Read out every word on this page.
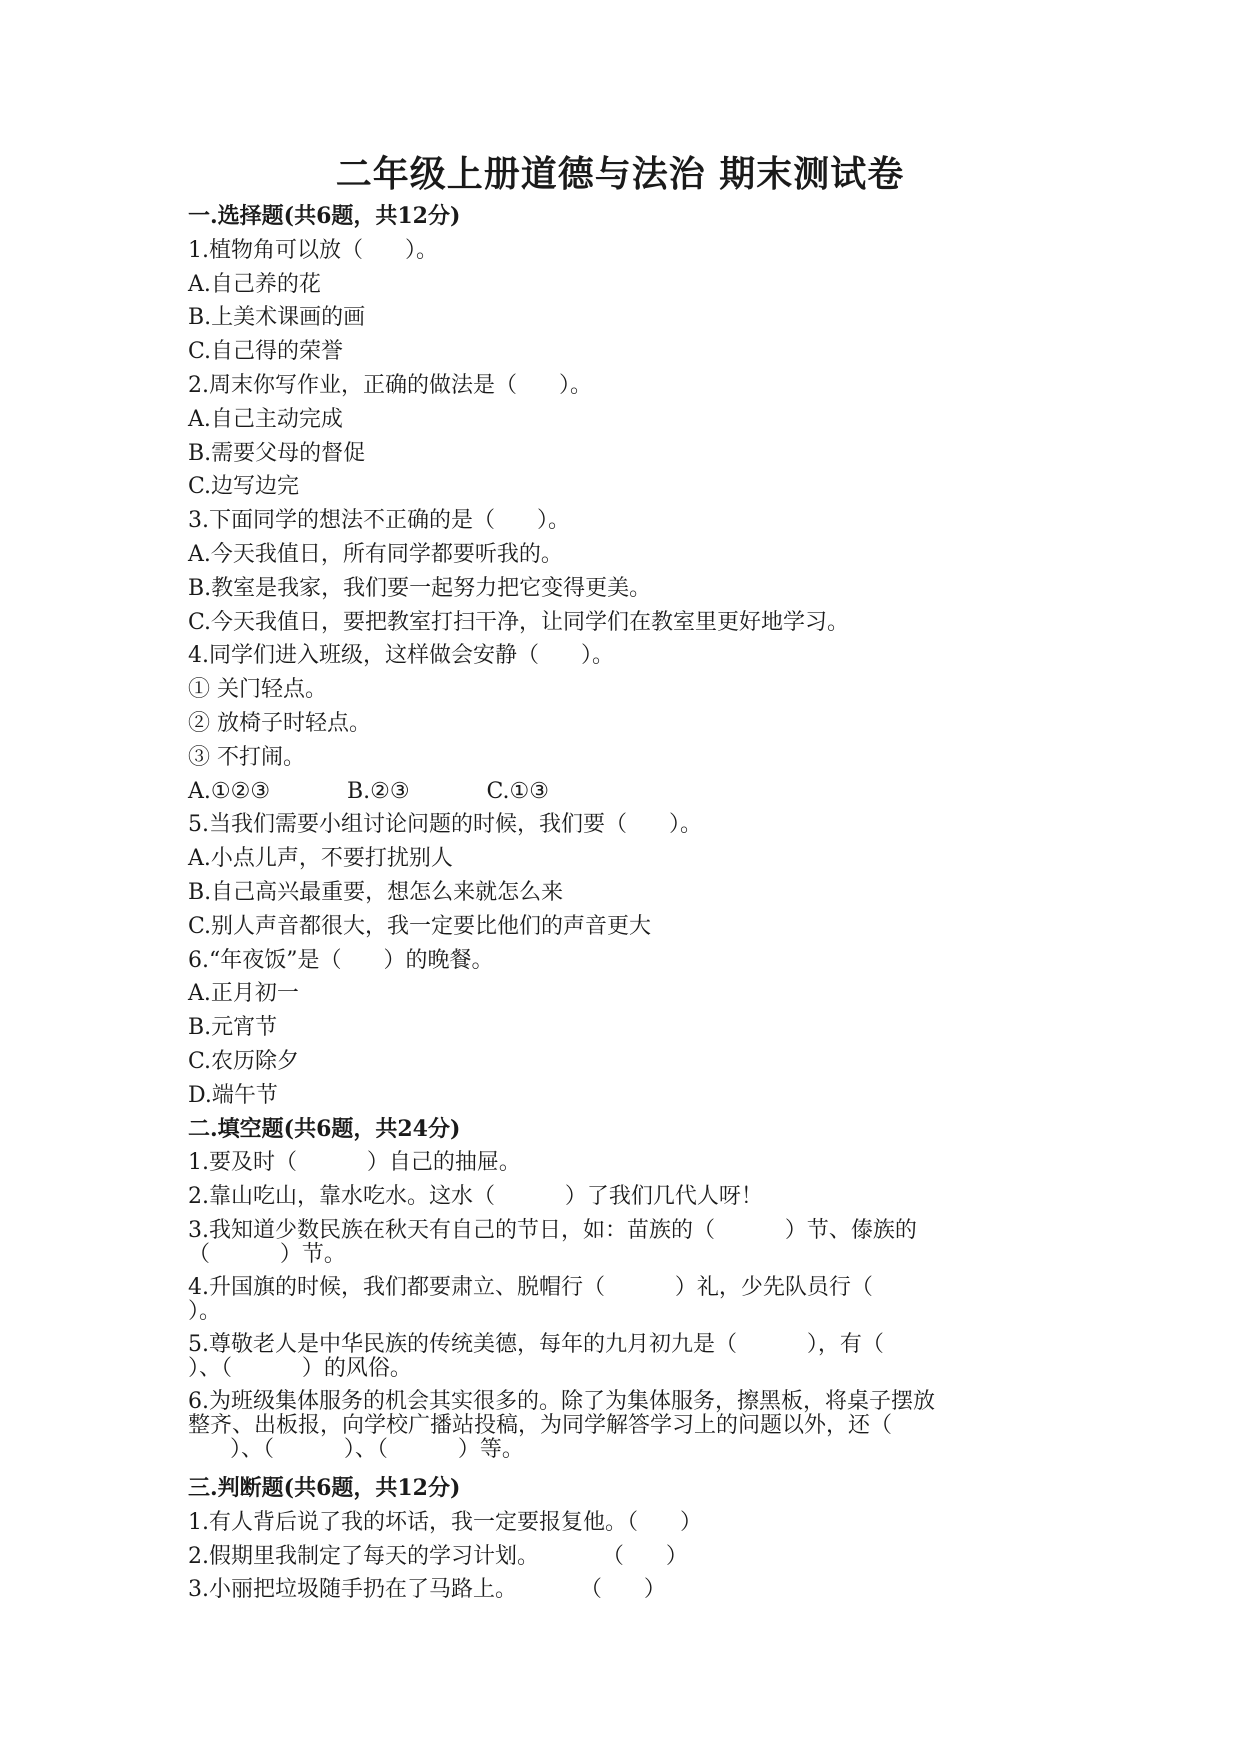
二年级上册道德与法治 期末测试卷
一.选择题(共6题，共12分)
1.植物角可以放（      ）。
A.自己养的花
B.上美术课画的画
C.自己得的荣誉
2.周末你写作业，正确的做法是（      ）。
A.自己主动完成
B.需要父母的督促
C.边写边完
3.下面同学的想法不正确的是（      ）。
A.今天我值日，所有同学都要听我的。
B.教室是我家，我们要一起努力把它变得更美。
C.今天我值日，要把教室打扫干净，让同学们在教室里更好地学习。
4.同学们进入班级，这样做会安静（      ）。
① 关门轻点。
② 放椅子时轻点。
③ 不打闹。
A.①②③           B.②③           C.①③
5.当我们需要小组讨论问题的时候，我们要（      ）。
A.小点儿声，不要打扰别人
B.自己高兴最重要，想怎么来就怎么来
C.别人声音都很大，我一定要比他们的声音更大
6.“年夜饭”是（      ）的晚餐。
A.正月初一
B.元宵节
C.农历除夕
D.端午节
二.填空题(共6题，共24分)
1.要及时（          ）自己的抽屉。
2.靠山吃山，靠水吃水。这水（          ）了我们几代人呀！
3.我知道少数民族在秋天有自己的节日，如：苗族的（          ）节、傣族的
（          ）节。
4.升国旗的时候，我们都要肃立、脱帽行（          ）礼，少先队员行（
）。
5.尊敬老人是中华民族的传统美德，每年的九月初九是（          ），有（
）、（          ）的风俗。
6.为班级集体服务的机会其实很多的。除了为集体服务，擦黑板，将桌子摆放
整齐、出板报，向学校广播站投稿，为同学解答学习上的问题以外，还（
）、（          ）、（          ）等。
三.判断题(共6题，共12分)
1.有人背后说了我的坏话，我一定要报复他。（      ）
2.假期里我制定了每天的学习计划。         （      ）
3.小丽把垃圾随手扔在了马路上。         （      ）
